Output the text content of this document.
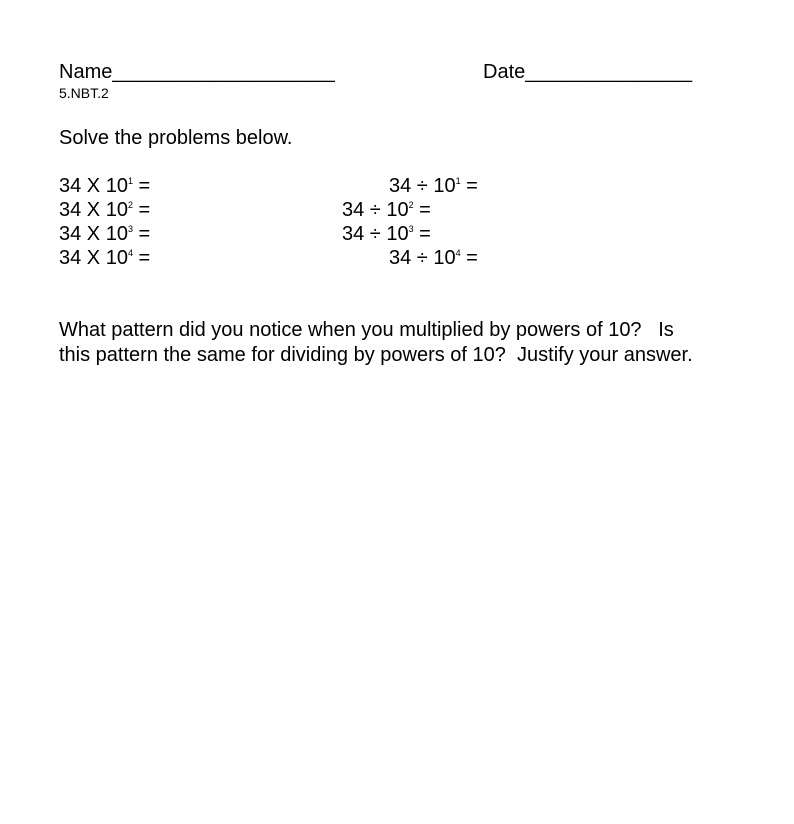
Name____________________	Date_______________
5.NBT.2
Solve the problems below.
34 X $10^1$ =
34 X $10^2$ =
34 X $10^3$ =
34 X $10^4$ =
$34 \div 10^1$ =
$34 \div 10^2$ =
$34 \div 10^3$ =
$34 \div 10^4$ =
What pattern did you notice when you multiplied by powers of 10?   Is
this pattern the same for dividing by powers of 10?  Justify your answer.
